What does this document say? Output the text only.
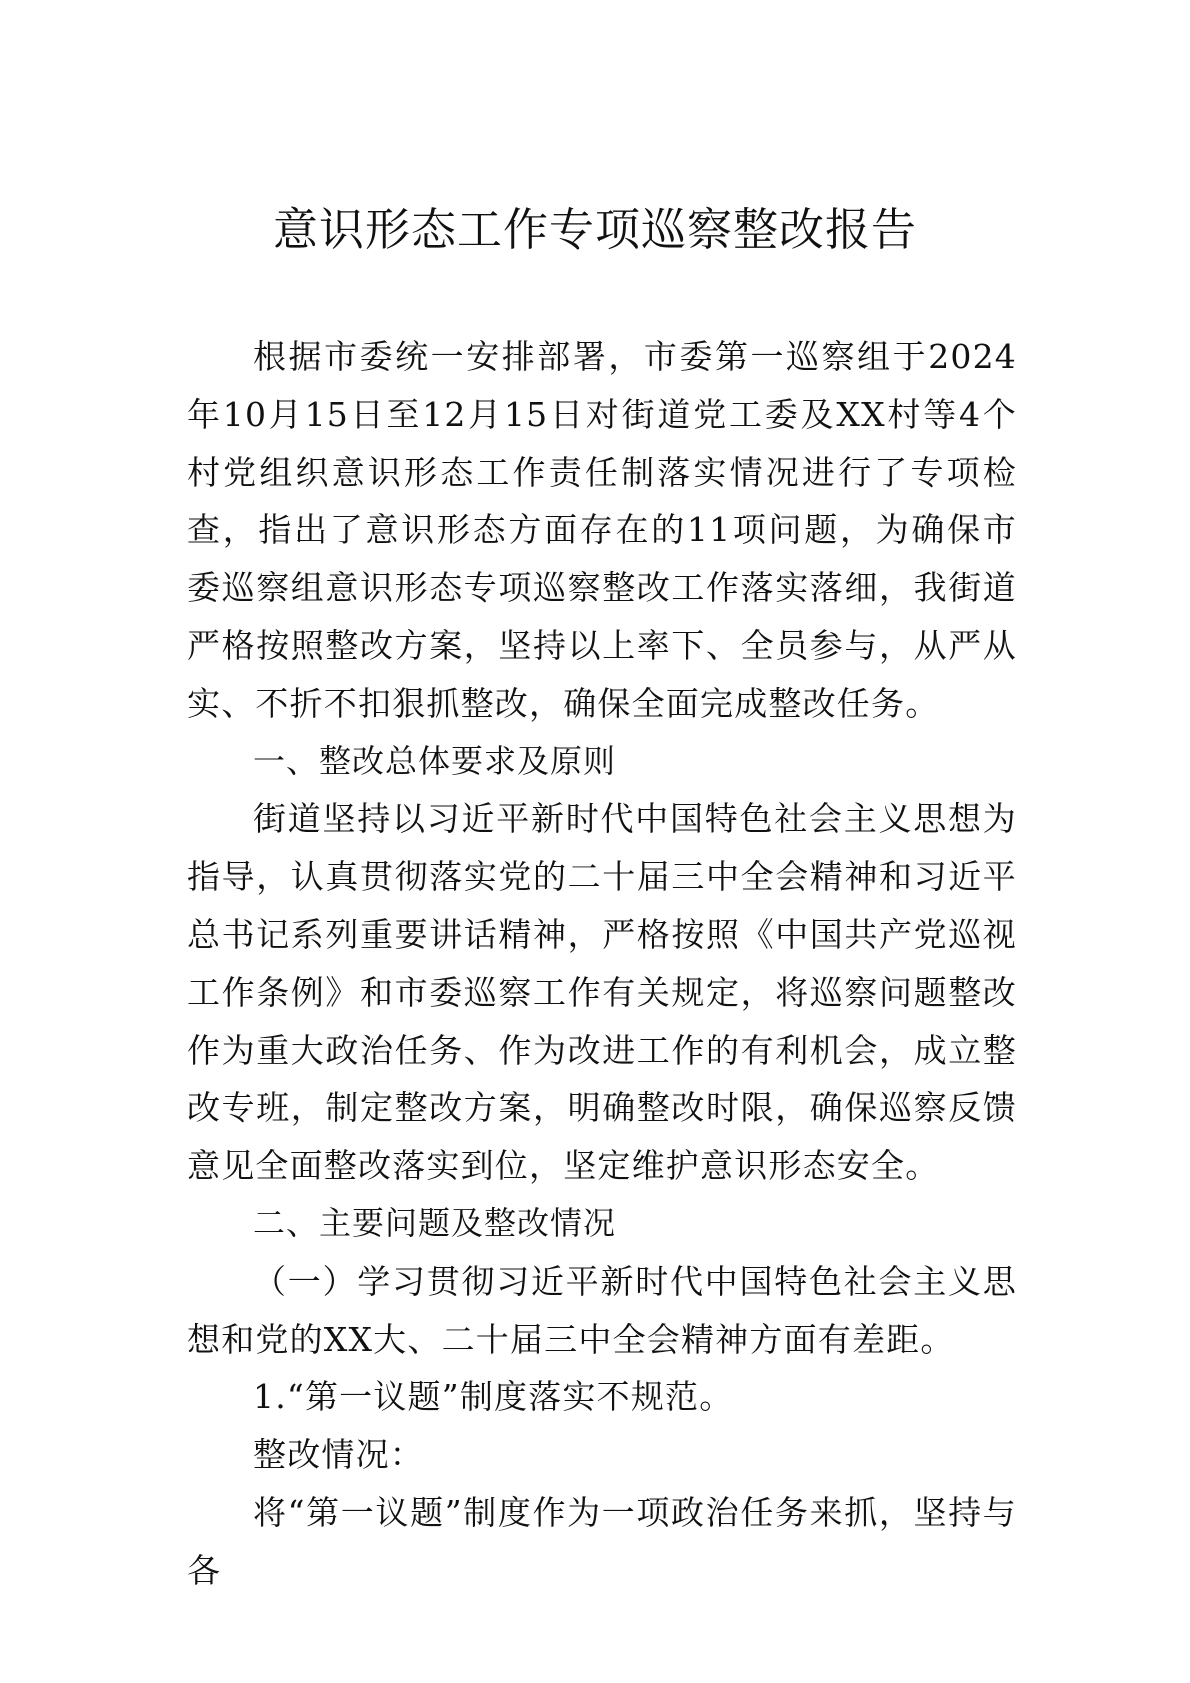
意识形态工作专项巡察整改报告

根据市委统一安排部署，市委第一巡察组于2024年10月15日至12月15日对街道党工委及XX村等4个村党组织意识形态工作责任制落实情况进行了专项检查，指出了意识形态方面存在的11项问题，为确保市委巡察组意识形态专项巡察整改工作落实落细，我街道严格按照整改方案，坚持以上率下、全员参与，从严从实、不折不扣狠抓整改，确保全面完成整改任务。

一、整改总体要求及原则

街道坚持以习近平新时代中国特色社会主义思想为指导，认真贯彻落实党的二十届三中全会精神和习近平总书记系列重要讲话精神，严格按照《中国共产党巡视工作条例》和市委巡察工作有关规定，将巡察问题整改作为重大政治任务、作为改进工作的有利机会，成立整改专班，制定整改方案，明确整改时限，确保巡察反馈意见全面整改落实到位，坚定维护意识形态安全。

二、主要问题及整改情况

（一）学习贯彻习近平新时代中国特色社会主义思想和党的XX大、二十届三中全会精神方面有差距。

1.“第一议题”制度落实不规范。

整改情况：

将“第一议题”制度作为一项政治任务来抓，坚持与各
